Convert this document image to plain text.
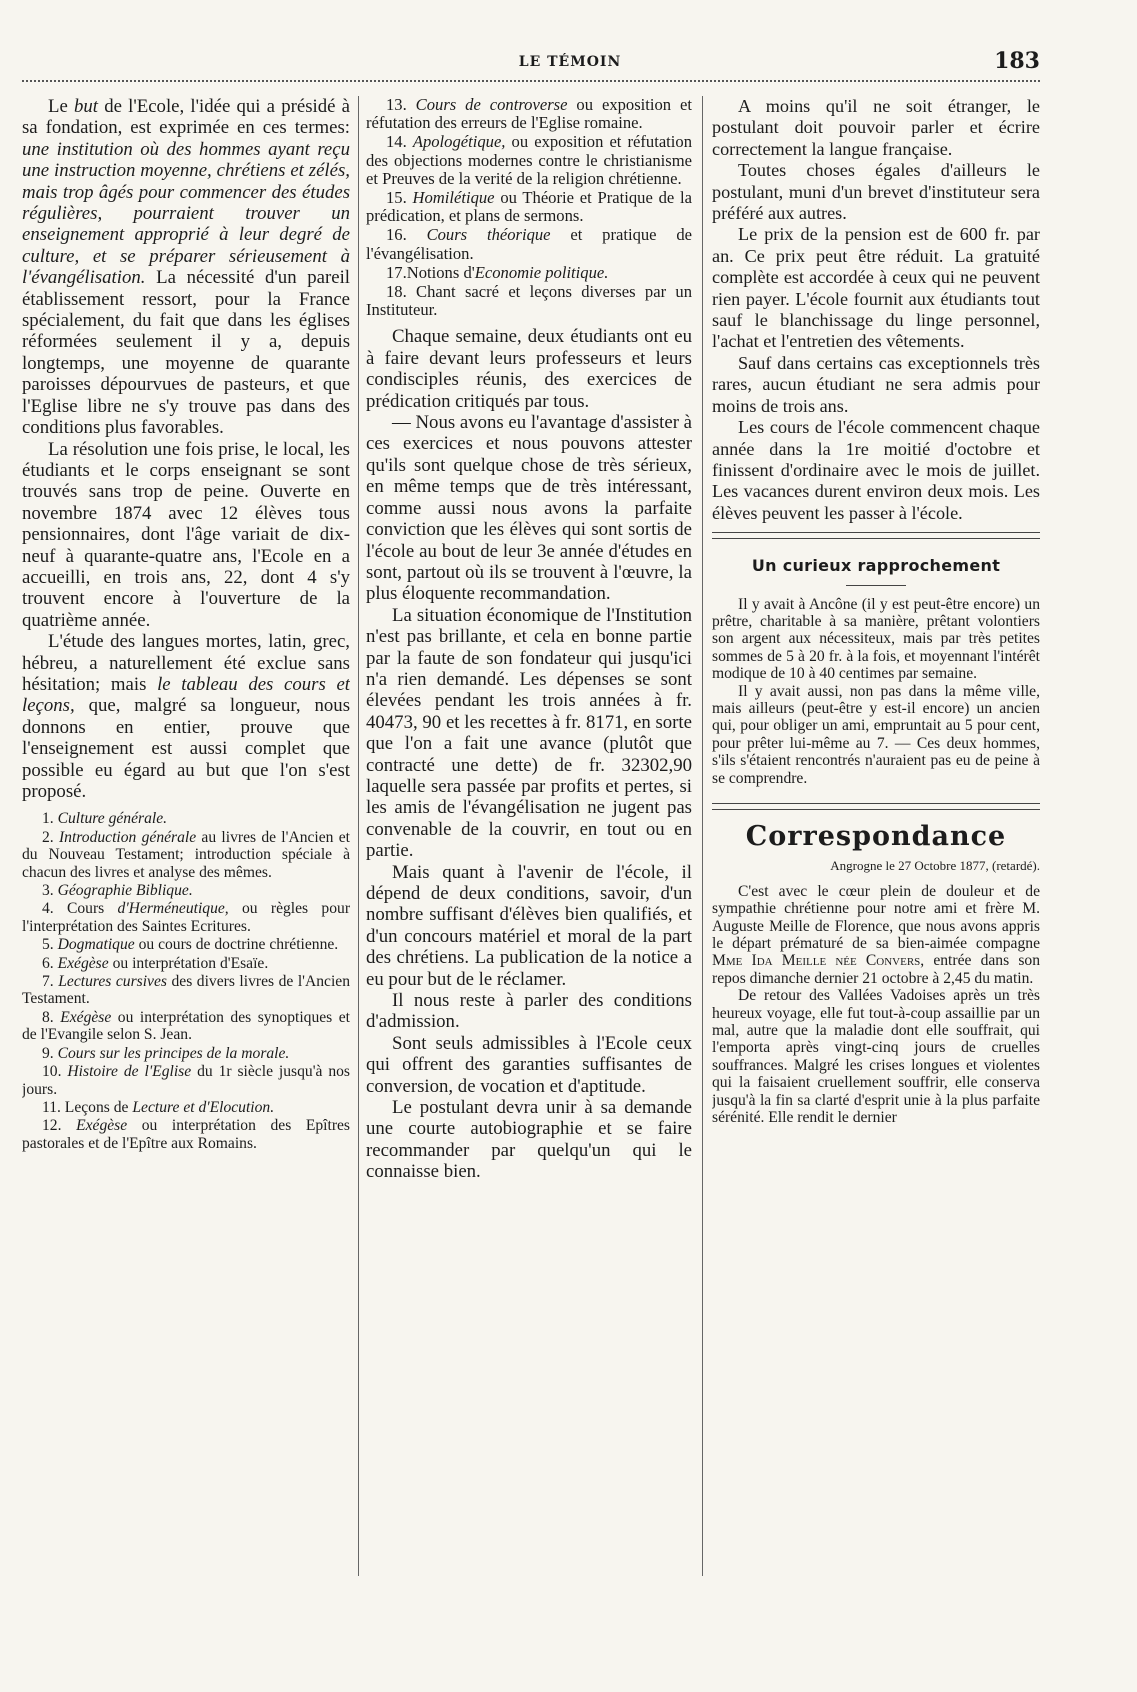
LE TÉMOIN	183

Le but de l'Ecole, l'idée qui a présidé à sa fondation, est exprimée en ces termes: une institution où des hommes ayant reçu une instruction moyenne, chrétiens et zélés, mais trop âgés pour commencer des études régulières, pourraient trouver un enseignement approprié à leur degré de culture, et se préparer sérieusement à l'évangélisation. La nécessité d'un pareil établissement ressort, pour la France spécialement, du fait que dans les églises réformées seulement il y a, depuis longtemps, une moyenne de quarante paroisses dépourvues de pasteurs, et que l'Eglise libre ne s'y trouve pas dans des conditions plus favorables.

La résolution une fois prise, le local, les étudiants et le corps enseignant se sont trouvés sans trop de peine. Ouverte en novembre 1874 avec 12 élèves tous pensionnaires, dont l'âge variait de dix-neuf à quarante-quatre ans, l'Ecole en a accueilli, en trois ans, 22, dont 4 s'y trouvent encore à l'ouverture de la quatrième année.

L'étude des langues mortes, latin, grec, hébreu, a naturellement été exclue sans hésitation; mais le tableau des cours et leçons, que, malgré sa longueur, nous donnons en entier, prouve que l'enseignement est aussi complet que possible eu égard au but que l'on s'est proposé.

1. Culture générale.

2. Introduction générale au livres de l'Ancien et du Nouveau Testament; introduction spéciale à chacun des livres et analyse des mêmes.

3. Géographie Biblique.

4. Cours d'Herméneutique, ou règles pour l'interprétation des Saintes Ecritures.

5. Dogmatique ou cours de doctrine chrétienne.

6. Exégèse ou interprétation d'Esaïe.

7. Lectures cursives des divers livres de l'Ancien Testament.

8. Exégèse ou interprétation des synoptiques et de l'Evangile selon S. Jean.

9. Cours sur les principes de la morale.

10. Histoire de l'Eglise du 1r siècle jusqu'à nos jours.

11. Leçons de Lecture et d'Elocution.

12. Exégèse ou interprétation des Epîtres pastorales et de l'Epître aux Romains.

13. Cours de controverse ou exposition et réfutation des erreurs de l'Eglise romaine.

14. Apologétique, ou exposition et réfutation des objections modernes contre le christianisme et Preuves de la verité de la religion chrétienne.

15. Homilétique ou Théorie et Pratique de la prédication, et plans de sermons.

16. Cours théorique et pratique de l'évangélisation.

17.Notions d'Economie politique.

18. Chant sacré et leçons diverses par un Instituteur.

Chaque semaine, deux étudiants ont eu à faire devant leurs professeurs et leurs condisciples réunis, des exercices de prédication critiqués par tous.

— Nous avons eu l'avantage d'assister à ces exercices et nous pouvons attester qu'ils sont quelque chose de très sérieux, en même temps que de très intéressant, comme aussi nous avons la parfaite conviction que les élèves qui sont sortis de l'école au bout de leur 3e année d'études en sont, partout où ils se trouvent à l'œuvre, la plus éloquente recommandation.

La situation économique de l'Institution n'est pas brillante, et cela en bonne partie par la faute de son fondateur qui jusqu'ici n'a rien demandé. Les dépenses se sont élevées pendant les trois années à fr. 40473, 90 et les recettes à fr. 8171, en sorte que l'on a fait une avance (plutôt que contracté une dette) de fr. 32302,90 laquelle sera passée par profits et pertes, si les amis de l'évangélisation ne jugent pas convenable de la couvrir, en tout ou en partie.

Mais quant à l'avenir de l'école, il dépend de deux conditions, savoir, d'un nombre suffisant d'élèves bien qualifiés, et d'un concours matériel et moral de la part des chrétiens. La publication de la notice a eu pour but de le réclamer.

Il nous reste à parler des conditions d'admission.

Sont seuls admissibles à l'Ecole ceux qui offrent des garanties suffisantes de conversion, de vocation et d'aptitude.

Le postulant devra unir à sa demande une courte autobiographie et se faire recommander par quelqu'un qui le connaisse bien.

A moins qu'il ne soit étranger, le postulant doit pouvoir parler et écrire correctement la langue française.

Toutes choses égales d'ailleurs le postulant, muni d'un brevet d'instituteur sera préféré aux autres.

Le prix de la pension est de 600 fr. par an. Ce prix peut être réduit. La gratuité complète est accordée à ceux qui ne peuvent rien payer. L'école fournit aux étudiants tout sauf le blanchissage du linge personnel, l'achat et l'entretien des vêtements.

Sauf dans certains cas exceptionnels très rares, aucun étudiant ne sera admis pour moins de trois ans.

Les cours de l'école commencent chaque année dans la 1re moitié d'octobre et finissent d'ordinaire avec le mois de juillet. Les vacances durent environ deux mois. Les élèves peuvent les passer à l'école.

Un curieux rapprochement

Il y avait à Ancône (il y est peut-être encore) un prêtre, charitable à sa manière, prêtant volontiers son argent aux nécessiteux, mais par très petites sommes de 5 à 20 fr. à la fois, et moyennant l'intérêt modique de 10 à 40 centimes par semaine.

Il y avait aussi, non pas dans la même ville, mais ailleurs (peut-être y est-il encore) un ancien qui, pour obliger un ami, empruntait au 5 pour cent, pour prêter lui-même au 7. — Ces deux hommes, s'ils s'étaient rencontrés n'auraient pas eu de peine à se comprendre.

Correspondance
Angrogne le 27 Octobre 1877, (retardé).

C'est avec le cœur plein de douleur et de sympathie chrétienne pour notre ami et frère M. Auguste Meille de Florence, que nous avons appris le départ prématuré de sa bien-aimée compagne Mme Ida Meille née Convers, entrée dans son repos dimanche dernier 21 octobre à 2,45 du matin.

De retour des Vallées Vadoises après un très heureux voyage, elle fut tout-à-coup assaillie par un mal, autre que la maladie dont elle souffrait, qui l'emporta après vingt-cinq jours de cruelles souffrances. Malgré les crises longues et violentes qui la faisaient cruellement souffrir, elle conserva jusqu'à la fin sa clarté d'esprit unie à la plus parfaite sérénité. Elle rendit le dernier
